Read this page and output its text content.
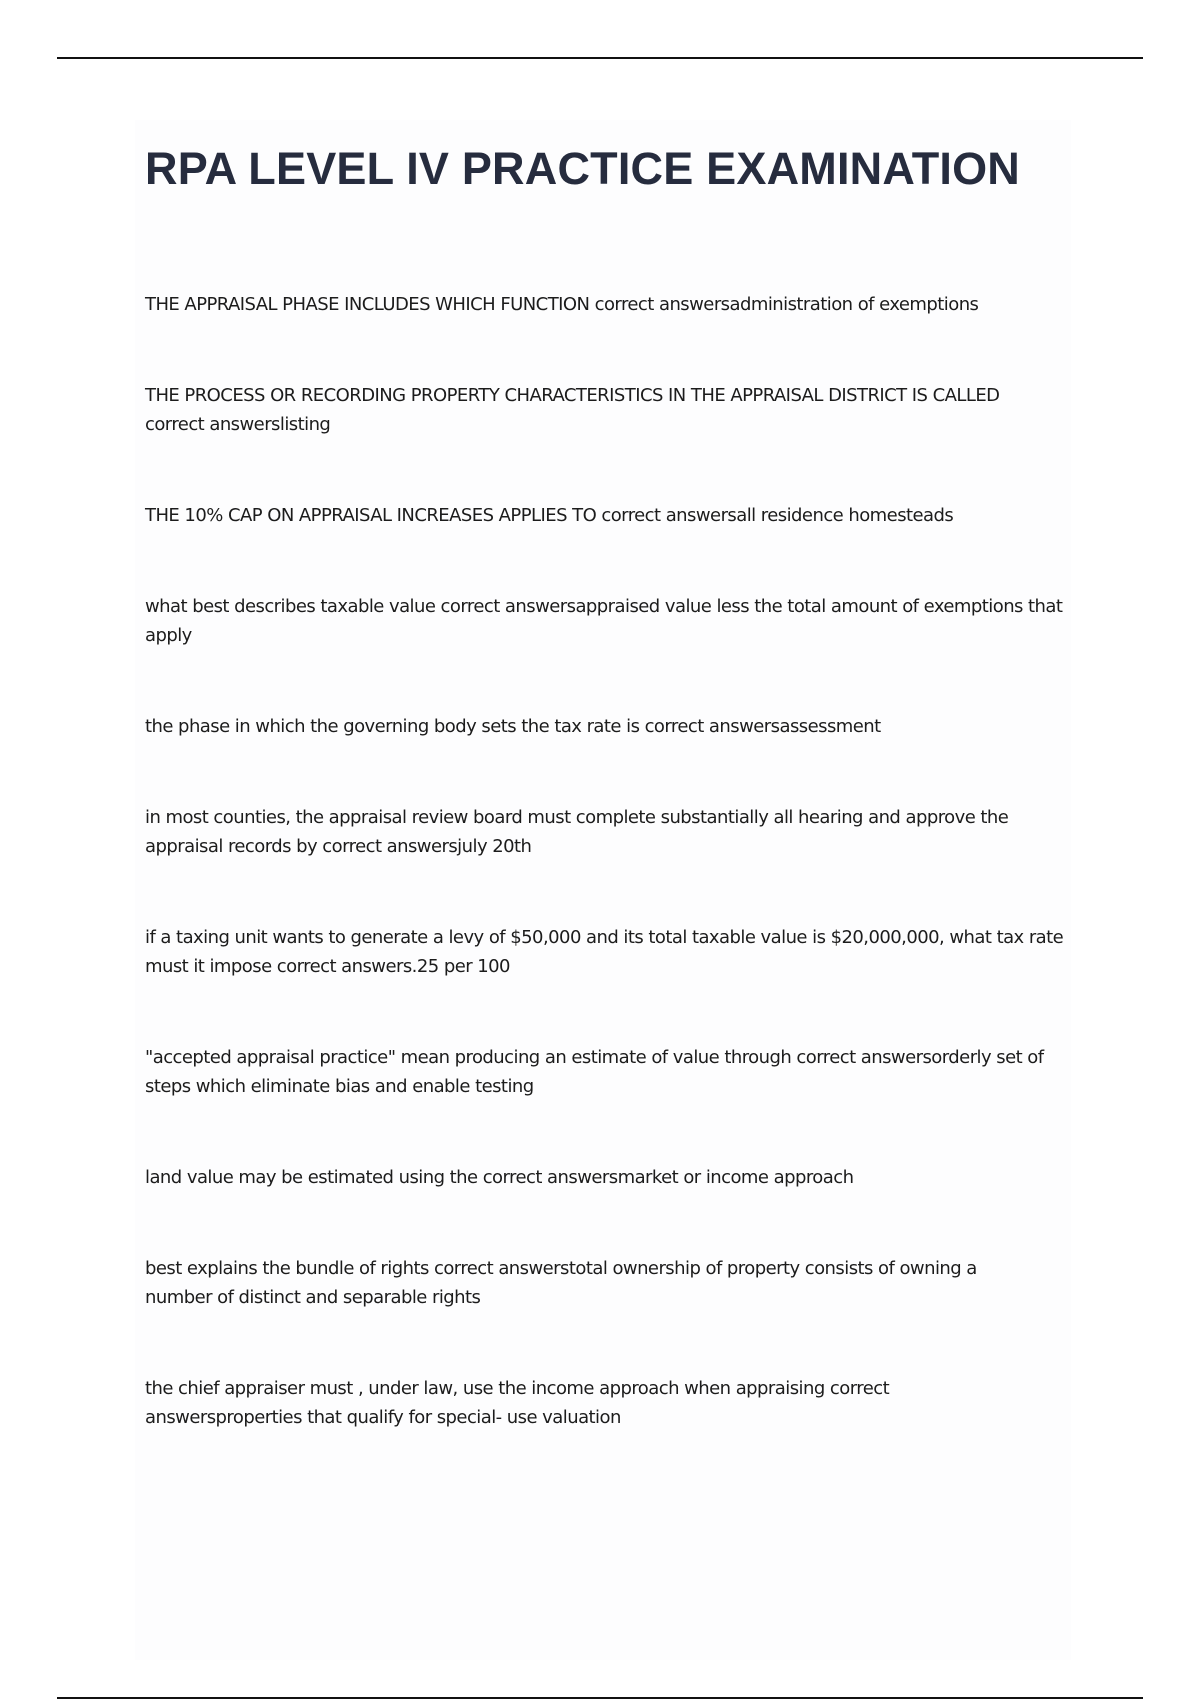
RPA LEVEL IV PRACTICE EXAMINATION
THE APPRAISAL PHASE INCLUDES WHICH FUNCTION correct answersadministration of exemptions
THE PROCESS OR RECORDING PROPERTY CHARACTERISTICS IN THE APPRAISAL DISTRICT IS CALLED correct answerslisting
THE 10% CAP ON APPRAISAL INCREASES APPLIES TO correct answersall residence homesteads
what best describes taxable value correct answersappraised value less the total amount of exemptions that apply
the phase in which the governing body sets the tax rate is correct answersassessment
in most counties, the appraisal review board must complete substantially all hearing and approve the appraisal records by correct answersjuly 20th
if a taxing unit wants to generate a levy of $50,000 and its total taxable value is $20,000,000, what tax rate must it impose correct answers.25 per 100
"accepted appraisal practice" mean producing an estimate of value through correct answersorderly set of steps which eliminate bias and enable testing
land value may be estimated using the correct answersmarket or income approach
best explains the bundle of rights correct answerstotal ownership of property consists of owning a number of distinct and separable rights
the chief appraiser must , under law, use the income approach when appraising correct answersproperties that qualify for special- use valuation
